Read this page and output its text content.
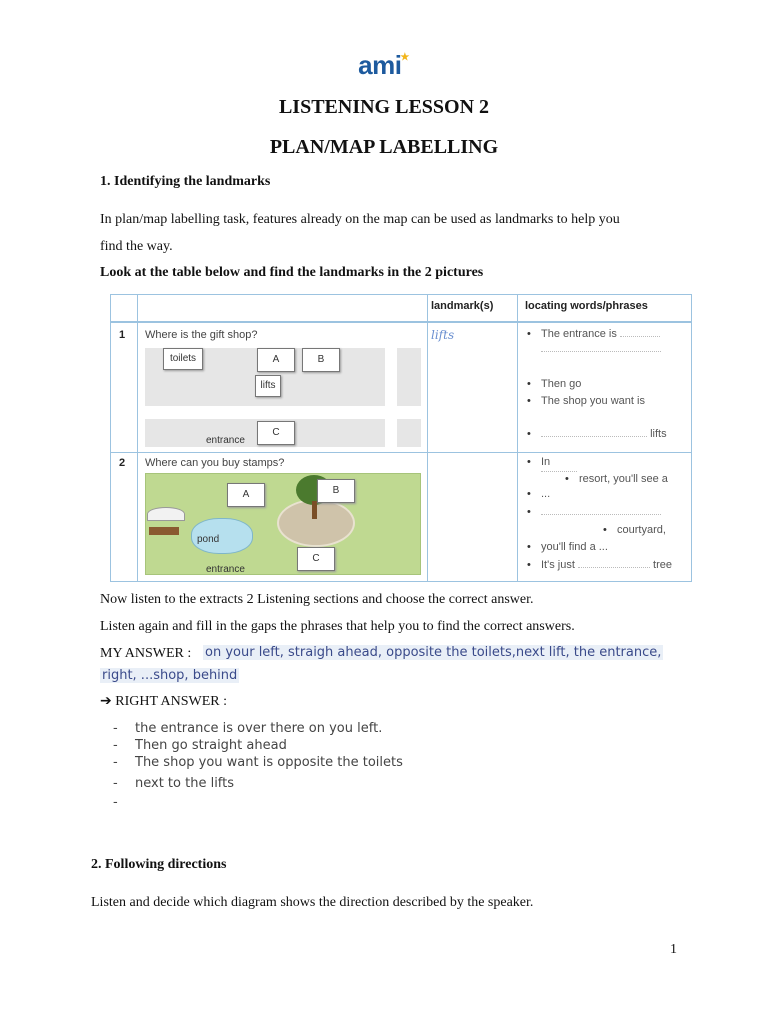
ami★
LISTENING LESSON 2
PLAN/MAP LABELLING
1. Identifying the landmarks
In plan/map labelling task, features already on the map can be used as landmarks to help you
find the way.
Look at the table below and find the landmarks in the 2 pictures
landmark(s)	locating words/phrases
1 Where is the gift shop?
toilets	A	B
lifts
C
entrance
lifts
•	The entrance is
• Then go
• The shop you want is
• lifts
2 Where can you buy stamps?
A	B
pond
C
entrance
• In
• resort, you'll see a
• ...
•
• courtyard,
• you'll find a ...
• It's just	tree
Now listen to the extracts 2 Listening sections and choose the correct answer.
Listen again and fill in the gaps the phrases that help you to find the correct answers.
MY ANSWER : on your left, straigh ahead, opposite the toilets,next lift, the entrance,
right, ...shop, behind
➔ RIGHT ANSWER :
- the entrance is over there on you left.
- Then go straight ahead
- The shop you want is opposite the toilets
- next to the lifts
-
2. Following directions
Listen and decide which diagram shows the direction described by the speaker.
1
